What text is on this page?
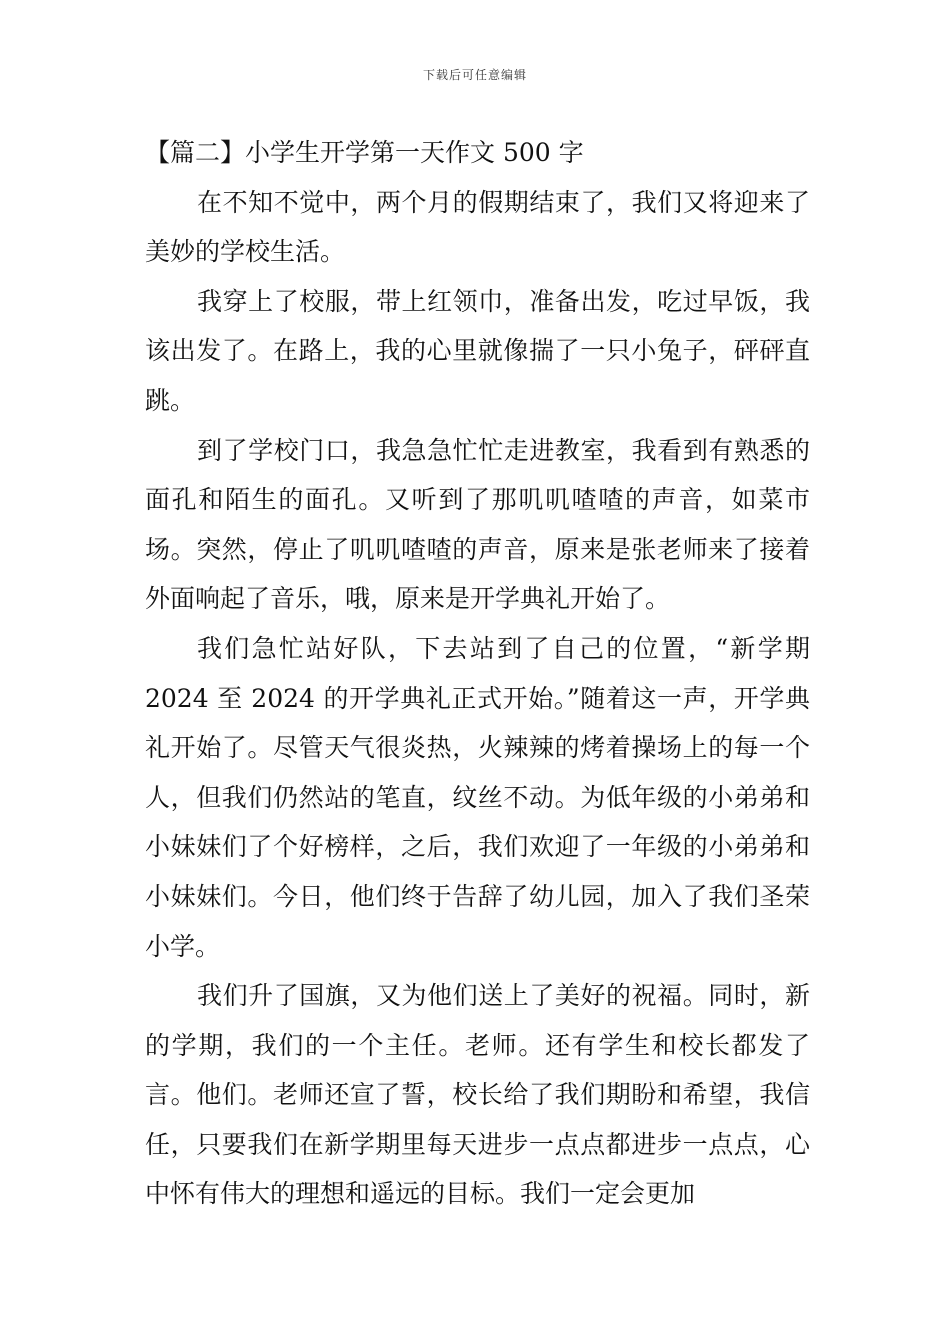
下载后可任意编辑

【篇二】小学生开学第一天作文 500 字

在不知不觉中，两个月的假期结束了，我们又将迎来了美妙的学校生活。

我穿上了校服，带上红领巾，准备出发，吃过早饭，我该出发了。在路上，我的心里就像揣了一只小兔子，砰砰直跳。

到了学校门口，我急急忙忙走进教室，我看到有熟悉的面孔和陌生的面孔。又听到了那叽叽喳喳的声音，如菜市场。突然，停止了叽叽喳喳的声音，原来是张老师来了接着外面响起了音乐，哦，原来是开学典礼开始了。

我们急忙站好队，下去站到了自己的位置，“新学期 2024 至 2024 的开学典礼正式开始。”随着这一声，开学典礼开始了。尽管天气很炎热，火辣辣的烤着操场上的每一个人，但我们仍然站的笔直，纹丝不动。为低年级的小弟弟和小妹妹们了个好榜样，之后，我们欢迎了一年级的小弟弟和小妹妹们。今日，他们终于告辞了幼儿园，加入了我们圣荣小学。

我们升了国旗，又为他们送上了美好的祝福。同时，新的学期，我们的一个主任。老师。还有学生和校长都发了言。他们。老师还宣了誓，校长给了我们期盼和希望，我信任，只要我们在新学期里每天进步一点点都进步一点点，心中怀有伟大的理想和遥远的目标。我们一定会更加
